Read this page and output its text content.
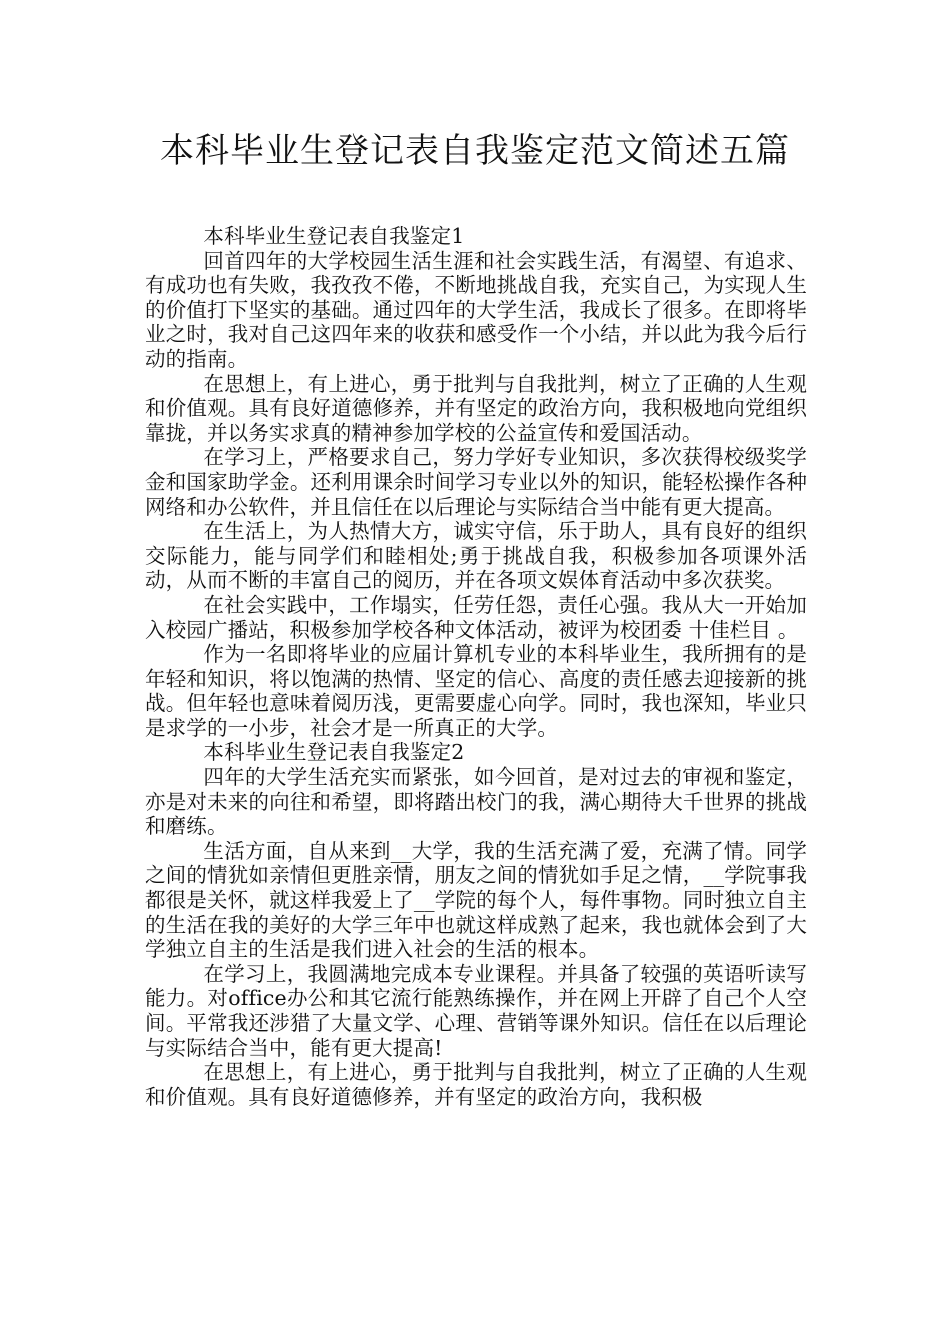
本科毕业生登记表自我鉴定范文简述五篇

本科毕业生登记表自我鉴定1

回首四年的大学校园生活生涯和社会实践生活，有渴望、有追求、有成功也有失败，我孜孜不倦，不断地挑战自我，充实自己，为实现人生的价值打下坚实的基础。通过四年的大学生活，我成长了很多。在即将毕业之时，我对自己这四年来的收获和感受作一个小结，并以此为我今后行动的指南。

在思想上，有上进心，勇于批判与自我批判，树立了正确的人生观和价值观。具有良好道德修养，并有坚定的政治方向，我积极地向党组织靠拢，并以务实求真的精神参加学校的公益宣传和爱国活动。

在学习上，严格要求自己，努力学好专业知识，多次获得校级奖学金和国家助学金。还利用课余时间学习专业以外的知识，能轻松操作各种网络和办公软件，并且信任在以后理论与实际结合当中能有更大提高。

在生活上，为人热情大方，诚实守信，乐于助人，具有良好的组织交际能力，能与同学们和睦相处;勇于挑战自我，积极参加各项课外活动，从而不断的丰富自己的阅历，并在各项文娱体育活动中多次获奖。

在社会实践中，工作塌实，任劳任怨，责任心强。我从大一开始加入校园广播站，积极参加学校各种文体活动，被评为校团委 十佳栏目 。

作为一名即将毕业的应届计算机专业的本科毕业生，我所拥有的是年轻和知识，将以饱满的热情、坚定的信心、高度的责任感去迎接新的挑战。但年轻也意味着阅历浅，更需要虚心向学。同时，我也深知，毕业只是求学的一小步，社会才是一所真正的大学。

本科毕业生登记表自我鉴定2

四年的大学生活充实而紧张，如今回首，是对过去的审视和鉴定，亦是对未来的向往和希望，即将踏出校门的我，满心期待大千世界的挑战和磨练。

生活方面，自从来到__大学，我的生活充满了爱，充满了情。同学之间的情犹如亲情但更胜亲情，朋友之间的情犹如手足之情，__学院事我都很是关怀，就这样我爱上了__学院的每个人，每件事物。同时独立自主的生活在我的美好的大学三年中也就这样成熟了起来，我也就体会到了大学独立自主的生活是我们进入社会的生活的根本。

在学习上，我圆满地完成本专业课程。并具备了较强的英语听读写能力。对office办公和其它流行能熟练操作，并在网上开辟了自己个人空间。平常我还涉猎了大量文学、心理、营销等课外知识。信任在以后理论与实际结合当中，能有更大提高!

在思想上，有上进心，勇于批判与自我批判，树立了正确的人生观和价值观。具有良好道德修养，并有坚定的政治方向，我积极
